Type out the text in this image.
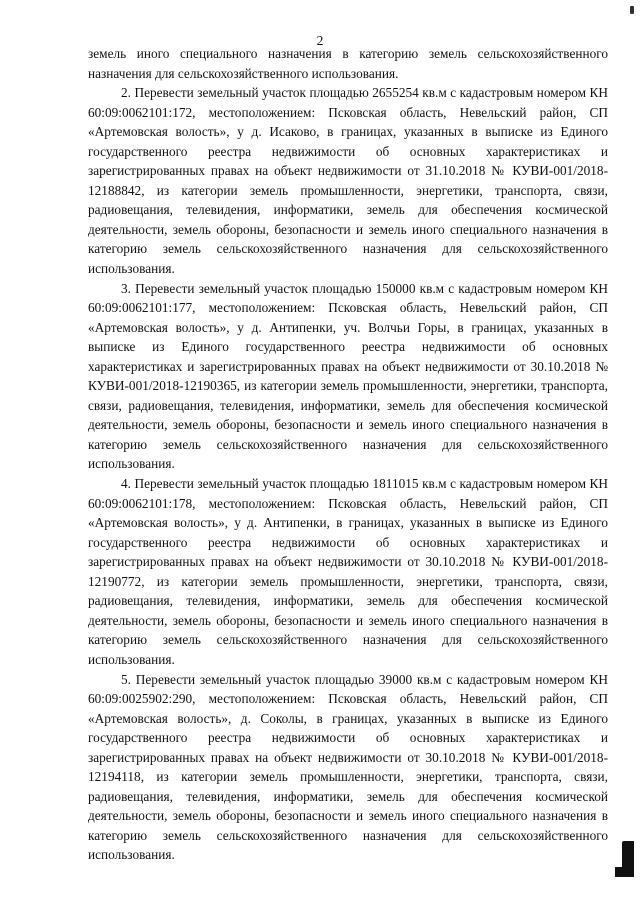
2

земель иного специального назначения в категорию земель сельскохозяйственного назначения для сельскохозяйственного использования.

2. Перевести земельный участок площадью 2655254 кв.м с кадастровым номером КН 60:09:0062101:172, местоположением: Псковская область, Невельский район, СП «Артемовская волость», у д. Исаково, в границах, указанных в выписке из Единого государственного реестра недвижимости об основных характеристиках и зарегистрированных правах на объект недвижимости от 31.10.2018 № КУВИ-001/2018-12188842, из категории земель промышленности, энергетики, транспорта, связи, радиовещания, телевидения, информатики, земель для обеспечения космической деятельности, земель обороны, безопасности и земель иного специального назначения в категорию земель сельскохозяйственного назначения для сельскохозяйственного использования.

3. Перевести земельный участок площадью 150000 кв.м с кадастровым номером КН 60:09:0062101:177, местоположением: Псковская область, Невельский район, СП «Артемовская волость», у д. Антипенки, уч. Волчьи Горы, в границах, указанных в выписке из Единого государственного реестра недвижимости об основных характеристиках и зарегистрированных правах на объект недвижимости от 30.10.2018 № КУВИ-001/2018-12190365, из категории земель промышленности, энергетики, транспорта, связи, радиовещания, телевидения, информатики, земель для обеспечения космической деятельности, земель обороны, безопасности и земель иного специального назначения в категорию земель сельскохозяйственного назначения для сельскохозяйственного использования.

4. Перевести земельный участок площадью 1811015 кв.м с кадастровым номером КН 60:09:0062101:178, местоположением: Псковская область, Невельский район, СП «Артемовская волость», у д. Антипенки, в границах, указанных в выписке из Единого государственного реестра недвижимости об основных характеристиках и зарегистрированных правах на объект недвижимости от 30.10.2018 № КУВИ-001/2018-12190772, из категории земель промышленности, энергетики, транспорта, связи, радиовещания, телевидения, информатики, земель для обеспечения космической деятельности, земель обороны, безопасности и земель иного специального назначения в категорию земель сельскохозяйственного назначения для сельскохозяйственного использования.

5. Перевести земельный участок площадью 39000 кв.м с кадастровым номером КН 60:09:0025902:290, местоположением: Псковская область, Невельский район, СП «Артемовская волость», д. Соколы, в границах, указанных в выписке из Единого государственного реестра недвижимости об основных характеристиках и зарегистрированных правах на объект недвижимости от 30.10.2018 № КУВИ-001/2018-12194118, из категории земель промышленности, энергетики, транспорта, связи, радиовещания, телевидения, информатики, земель для обеспечения космической деятельности, земель обороны, безопасности и земель иного специального назначения в категорию земель сельскохозяйственного назначения для сельскохозяйственного использования.
